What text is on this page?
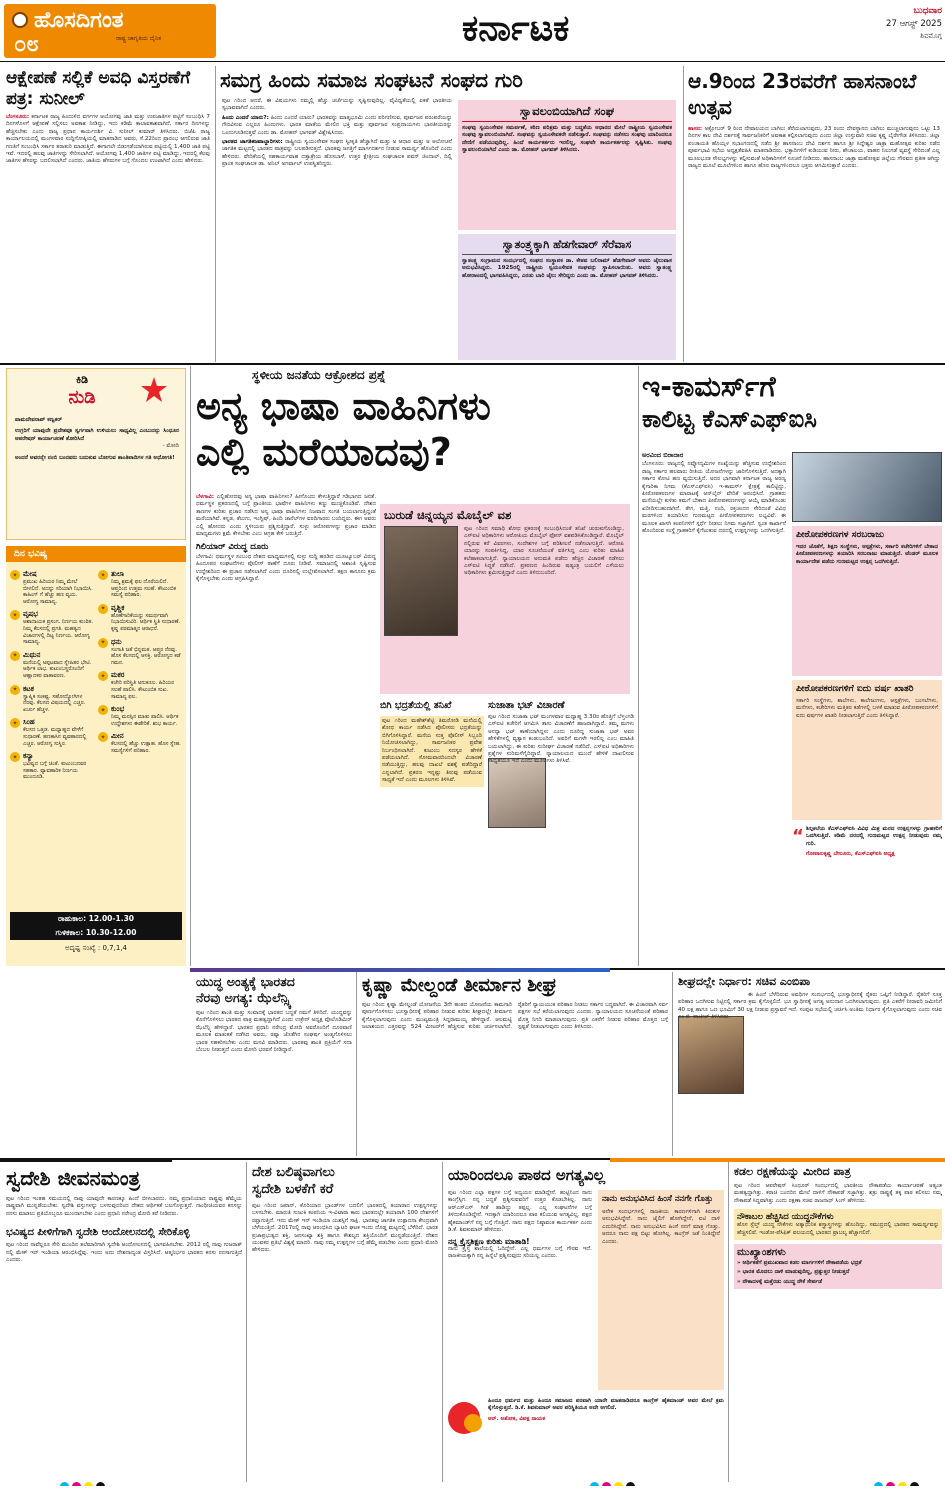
ಹೊಸದಿಗಂತ
ರಾಷ್ಟ್ರ ಜಾಗೃತಿಯ ದೈನಿಕ
೦೮	ಕರ್ನಾಟಕ	ಬುಧವಾರ
27 ಆಗಸ್ಟ್ 2025
ಶಿವಮೊಗ್ಗ
ಆಕ್ಷೇಪಣೆ ಸಲ್ಲಿಕೆ ಅವಧಿ ವಿಸ್ತರಣೆಗೆ ಪತ್ರ: ಸುನೀಲ್
ಬೆಂಗಳೂರು: ಕರ್ನಾಟಕ ರಾಜ್ಯ ಹಿಂದುಳಿದ ವರ್ಗಗಳ ಆಯೋಗವು ಜಾತಿ ಮತ್ತು ಉಪಜಾತಿಗಳ ಪಟ್ಟಿಗೆ ಸಂಬಂಧಿಸಿ 7 ದಿನಗಳೊಳಗೆ ಆಕ್ಷೇಪಣೆ ಸಲ್ಲಿಸಲು ಅವಕಾಶ ನೀಡಿದ್ದು, ಇದು ಕಡಿಮೆ ಕಾಲಾವಕಾಶವಾಗಿದೆ, ಸರ್ಕಾರ ದಿನಗಳನ್ನು ಹೆಚ್ಚಿಸಬೇಕು ಎಂದು ರಾಜ್ಯ ಪ್ರಧಾನ ಕಾರ್ಯದರ್ಶಿ ವಿ. ಸುನೀಲ್ ಕುಮಾರ್ ತಿಳಿಸಿದರು. ಬಿಜೆಪಿ ರಾಜ್ಯ ಕಾರ್ಯಾಲಯದಲ್ಲಿ ಮಂಗಳವಾರ ಸುದ್ದಿಗೋಷ್ಠಿಯಲ್ಲಿ ಮಾತನಾಡಿದ ಅವರು, ಸೆ.22ರಿಂದ ಪ್ರಾರಂಭ ಆಗಲಿರುವ ಜಾತಿ ಗಣತಿಗೆ ಸಂಬಂಧಿಸಿ ಸರ್ಕಾರ ತರಾತುರಿ ಮಾಡುತ್ತಿದೆ. ಈಗಾಗಲೇ ಬಿಡುಗಡೆಯಾಗಿರುವ ಪಟ್ಟಿಯಲ್ಲಿ 1,400 ಜಾತಿ ಪಟ್ಟಿ ಇವೆ. ಇದರಲ್ಲಿ ಹಲವು ಜಾತಿಗಳನ್ನು ಸೇರಿಸಲಾಗಿದೆ. ಆಯೋಗವು 1,400 ಜಾತಿಗಳ ಪಟ್ಟಿ ಮಾಡಿದ್ದು, ಇದರಲ್ಲಿ ಕೆಲವು ಜಾತಿಗಳ ಹೆಸರನ್ನು ಬದಲಿಸಲಾಗಿದೆ ಎಂದರು. ಜಾತಿಯ ಹೆಸರುಗಳ ಬಗ್ಗೆ ಗೊಂದಲ ಉಂಟಾಗಿದೆ ಎಂದು ಹೇಳಿದರು.
ಸಮಗ್ರ ಹಿಂದು ಸಮಾಜ ಸಂಘಟನೆ ಸಂಘದ ಗುರಿ

ಪುಟ ೧ರಿಂದ ಆದರೆ, ಈ ವಿಷಯಗಳು ನಮ್ಮಲ್ಲಿ ಹೆಚ್ಚು ಚರ್ಚೆಯನ್ನು ಸೃಷ್ಟಿಸುವುದಿಲ್ಲ. ವೈವಿಧ್ಯತೆಯಲ್ಲಿ ಏಕತೆ ಭಾರತೀಯ ಸ್ವಭಾವವಾಗಿದೆ ಎಂದರು.

ಹಿಂದು ಎಂದರೆ ಯಾರು?: ಹಿಂದು ಎಂದರೆ ಯಾರು? ಭಾರತವನ್ನು ಮಾತೃಭೂಮಿ ಎಂದು ಪರಿಗಣಿಸುವ, ಪೂರ್ವಜರ ಪರಂಪರೆಯನ್ನು ಗೌರವಿಸುವ ಎಲ್ಲರೂ ಹಿಂದುಗಳು. ಭಾರತ ಮಾತೆಯ ಮೇಲಿನ ಭಕ್ತಿ ಮತ್ತು ಪೂರ್ವಜರ ಸಂಪ್ರದಾಯಗಳು ಭಾರತೀಯರನ್ನು ಒಂದುಗೂಡಿಸುತ್ತವೆ ಎಂದು ಡಾ. ಮೋಹನ್ ಭಾಗವತ್ ವಿಶ್ಲೇಷಿಸಿದರು.

ಭಾರತದ ಜಾಗತಿಕಜವಾಬ್ದಾರಿಗಳು: ರಾಷ್ಟ್ರೀಯ ಸ್ವಯಂಸೇವಕ ಸಂಘದ ಸ್ವೀಕೃತಿ ಹೆಚ್ಚಾಗಿದೆ ಮತ್ತು ಅ ಆಧಾರ ಮತ್ತು ಅ ಆಲೋಚನೆ ಜಾಗತಿಕ ಮಟ್ಟದಲ್ಲಿ ಭಾರತದ ಪಾತ್ರವನ್ನು ಬಲಪಡಿಸುತ್ತದೆ. ಭಾರತವು ಜಗತ್ತಿಗೆ ಮಾರ್ಗದರ್ಶನ ನೀಡುವ ಸಾಮರ್ಥ್ಯ ಹೊಂದಿದೆ ಎಂದು ಹೇಳಿದರು. ವೇದಿಕೆಯಲ್ಲಿ ಸಹಕಾರ್ಯವಾಹ ದತ್ತಾತ್ರೇಯ ಹೊಸಬಾಳೆ, ಉತ್ತರ ಕ್ಷೇತ್ರೀಯ ಸಂಘಚಾಲಕ ಪವನ್ ಜಿಂದಾಲ್, ದಿಲ್ಲಿ ಪ್ರಾಂತ ಸಂಘಚಾಲಕ ಡಾ. ಅನಿಲ್ ಅಗರ್ವಾಲ್ ಉಪಸ್ಥಿತರಿದ್ದರು.

ಸ್ವಾವಲಂಬಿಯಾಗಿದೆ ಸಂಘ
ಸಂಘವು ಸ್ವಯಂಸೇವಕ ಸಮರ್ಪಣೆ, ಕಠಿಣ ಪರಿಶ್ರಮ ಮತ್ತು ಬದ್ಧತೆಯ ಆಧಾರದ ಮೇಲೆ ರಾಷ್ಟ್ರೀಯ ಸ್ವಯಂಸೇವಕ ಸಂಘವು ಸ್ವಾವಲಂಬಿಯಾಗಿದೆ. ಸಂಘವನ್ನು ಸ್ವಯಂಸೇವಕರೇ ನಡೆಸುತ್ತಾರೆ. ಸಂಘವನ್ನು ನಡೆಸಲು ಸಂಘವು ಯಾರಿಂದಲೂ ದೇಣಿಗೆ ಪಡೆಯುವುದಿಲ್ಲ. ಹಿಂದೆ ಕಾರ್ಯಕರ್ತರು ಇರಲಿಲ್ಲ, ಸಂಘವೇ ಕಾರ್ಯಕರ್ತರನ್ನು ಸೃಷ್ಟಿಸಿತು. ಸಂಘವು ಸ್ವಾವಲಂಬಿಯಾಗಿದೆ ಎಂದು ಡಾ. ಮೋಹನ್ ಭಾಗವತ್ ತಿಳಿಸಿದರು.
ಸ್ವಾತಂತ್ರ್ಯಕ್ಕಾಗಿ ಹೆಡಗೇವಾರ್ ಸೆರೆವಾಸ
ಸ್ವಾತಂತ್ರ್ಯ ಸಂಗ್ರಾಮದ ಸಂದರ್ಭದಲ್ಲಿ ಸಂಘದ ಸಂಸ್ಥಾಪಕ ಡಾ. ಕೇಶವ ಬಲಿರಾಮ್ ಹೆಡಗೇವಾರ್ ಅವರು ಜೈಲುವಾಸ ಅನುಭವಿಸಿದ್ದರು. 1925ರಲ್ಲಿ ರಾಷ್ಟ್ರೀಯ ಸ್ವಯಂಸೇವಕ ಸಂಘವನ್ನು ಸ್ಥಾಪಿಸಲಾಯಿತು. ಅವರು ಸ್ವಾತಂತ್ರ್ಯ ಹೋರಾಟದಲ್ಲಿ ಭಾಗವಹಿಸಿದ್ದರು, ಎರಡು ಬಾರಿ ಜೈಲು ಸೇರಿದ್ದರು ಎಂದು ಡಾ. ಮೋಹನ್ ಭಾಗವತ್ ತಿಳಿಸಿದರು.
ಆ.9ರಿಂದ 23ರವರೆಗೆ ಹಾಸನಾಂಬೆ ಉತ್ಸವ
ಹಾಸನ: ಅಕ್ಟೋಬರ್ 9 ರಿಂದ ದೇವಾಲಯದ ಬಾಗಿಲು ತೆರೆಯಲಾಗುವುದು, 23 ರಂದು ದೇವಸ್ಥಾನದ ಬಾಗಿಲು ಮುಚ್ಚಲಾಗುವುದು ಒಟ್ಟು 13 ದಿನಗಳ ಕಾಲ ದೇವಿ ದರ್ಶನಕ್ಕೆ ಸಾರ್ವಜನಿಕರಿಗೆ ಅವಕಾಶ ಕಲ್ಪಿಸಲಾಗುವುದು ಎಂದು ಜಿಲ್ಲಾ ಉಸ್ತುವಾರಿ ಸಚಿವ ಕೃಷ್ಣ ಬೈರೇಗೌಡ ತಿಳಿಸಿದರು. ಜಿಲ್ಲಾ ಪಂಚಾಯತಿ ಹೊಯ್ಸಳ ಸಭಾಂಗಣದಲ್ಲಿ ನಡೆದ ಶ್ರೀ ಹಾಸನಾಂಬ ದೇವಿ ದರ್ಶನ ಹಾಗೂ ಶ್ರೀ ಸಿದ್ದೇಶ್ವರ ಜಾತ್ರಾ ಮಹೋತ್ಸವ ಕುರಿತು ನಡೆದ ಪೂರ್ವಭಾವಿ ಸಭೆಯ ಅಧ್ಯಕ್ಷತೆವಹಿಸಿ ಮಾತನಾಡಿದರು. ಭಕ್ತಾದಿಗಳಿಗೆ ಕುಡಿಯುವ ನೀರು, ಶೌಚಾಲಯ, ವಾಹನ ನಿಲುಗಡೆ ವ್ಯವಸ್ಥೆ ಸೇರಿದಂತೆ ಎಲ್ಲ ಮೂಲಭೂತ ಸೌಲಭ್ಯಗಳನ್ನು ಕಲ್ಪಿಸುವಂತೆ ಅಧಿಕಾರಿಗಳಿಗೆ ಸೂಚನೆ ನೀಡಿದರು. ಹಾಸನಾಂಬ ಜಾತ್ರಾ ಮಹೋತ್ಸವ ಜಿಲ್ಲೆಯ ಗೌರವದ ಪ್ರತೀಕ ಆಗಿದ್ದು ರಾಜ್ಯದ ಮೂಲೆ ಮೂಲೆಗಳಿಂದ ಹಾಗೂ ಹೊರ ರಾಜ್ಯಗಳಿಂದಲೂ ಭಕ್ತರು ಆಗಮಿಸುತ್ತಾರೆ ಎಂದರು.
ಕಿಡಿ
ನುಡಿ
ವಾಮದೇವರಾವ್ ಕಣ್ವಕರ್
ಉಗ್ರರಿಗೆ ಯಾವುದೇ ಪ್ರದೇಶವೂ ಸ್ವರ್ಗವಾಗಿ ಉಳಿಯಲು ಸಾಧ್ಯವಿಲ್ಲ ಎಂಬುದನ್ನು ಸಿಂಧೂರ ಆಪರೇಷನ್ ಕಾರ್ಯಾಚರಣೆ ತೋರಿಸಿದೆ
- ಮೋದಿ
ಅಂದರೆ ಅವರನ್ನೇ ನಂಬಿ ಬಂದವರು ಬದುಕುವ ಬೋಗುವ ಶಾಂತಿಪಾದಿಗಳ ಗತಿ ಅಧೋಗತಿ!
ದಿನ ಭವಿಷ್ಯ
✦ ಮೇಷ
ಪ್ರಮುಖ ಹಿರಿಯರ ನಿಮ್ಮ ಮೇಲೆ ಬೀಳಲಿದೆ. ಅದನ್ನು ಸರಿಯಾಗಿ ನಿಭಾಯಿಸಿ. ಕಾಹಿಂಗ್ ಗೆ ಹೆಚ್ಚು ಹಣ ವ್ಯಯ. ಆರೋಗ್ಯ ಸಾಮಾನ್ಯ.
✦ ವೃಷಭ
ಆಶಾದಾಯಕ ಪ್ರಸಂಗ. ನಿರ್ಣಯ ಕುಂಠಿತ. ನಿಮ್ಮ ಕೆಲಸದಲ್ಲಿ ಪ್ರಗತಿ. ಮಹತ್ವದ ವಿಚಾರಗಳಲ್ಲಿ ದಿಟ್ಟ ನಿರ್ಣಯ. ಆರೋಗ್ಯ ಸಾಮಾನ್ಯ.
✦ ಮಿಥುನ
ಮನೆಯಲ್ಲಿ ಅಪ್ಪಟವಾದ ಸ್ನೇಹಿತರ ಭೇಟಿ. ಆರ್ಥಿಕ ಲಾಭ. ಕುಟುಂಬಸ್ಥರೊಂದಿಗೆ ಆಹ್ಲಾದಕರ ವಾತಾವರಣ.
✦ ಕಟಕ
ಸ್ವಾಪ್ನಿಕ ಸಂಕಷ್ಟ. ಸಹೋದ್ಯೋಗಿಗಳ ನೆರವು. ಕೆಲಸದ ವಿಷಯದಲ್ಲಿ ಎಚ್ಚರ. ಖರ್ಚು ಹೆಚ್ಚಳ.
✦ ಸಿಂಹ
ಕೆಲಸದ ಒತ್ತಡ. ಮಧ್ಯಾಹ್ನದ ವೇಳೆಗೆ ಸುಧಾರಣೆ. ಹಣಕಾಸಿನ ವ್ಯವಹಾರದಲ್ಲಿ ಎಚ್ಚರ. ಆರೋಗ್ಯ ಸುಸ್ಥಿರ.
✦ ಕನ್ಯಾ
ಭವಿಷ್ಯದ ಬಗ್ಗೆ ಚಿಂತೆ. ಕುಟುಂಬದವರ ಸಹಕಾರ. ವ್ಯಾವಹಾರಿಕ ನಿರ್ಣಯ ಮುಂದೂಡಿ.
✦ ತುಲಾ
ನಿಮ್ಮ ಶ್ರಮಕ್ಕೆ ಫಲ ದೊರೆಯಲಿದೆ. ಆಪ್ತರಿಂದ ಉತ್ತಮ ಸಲಹೆ. ಕೌಟುಂಬಿಕ ಸಮಸ್ಯೆ ಪರಿಹಾರ.
✦ ವೃಶ್ಚಿಕ
ಹೊಣೆಗಾರಿಕೆಯನ್ನು ಸಮರ್ಥವಾಗಿ ನಿಭಾಯಿಸುವಿರಿ. ಆರ್ಥಿಕ ಸ್ಥಿತಿ ಸುಧಾರಣೆ. ಕೃಷ್ಣ ಪರಮಾತ್ಮನ ಆರಾಧನೆ.
✦ ಧನು
ಸಂಗಾತಿ ಜತೆ ಭಿನ್ನಮತ. ಆಪ್ತರ ನೆರವು. ಹೊಸ ಕೆಲಸದಲ್ಲಿ ಆಸಕ್ತಿ. ಆರೋಗ್ಯದ ಕಡೆ ಗಮನ.
✦ ಮಕರ
ಕಚೇರಿ ಪರಿಸ್ಥಿತಿ ಅನುಕೂಲ. ಹಿರಿಯರ ಸಲಹೆ ಪಾಲಿಸಿ. ಕೌಟುಂಬಿಕ ಸುಖ. ಸಾಮಾನ್ಯ ಫಲ.
✦ ಕುಂಭ
ನಿಮ್ಮ ಮನಸ್ಸಿನ ಮಾತು ಪಾಲಿಸಿ. ಆರ್ಥಿಕ ಉದ್ದೇಶಗಳು ಈಡೇರಿಕೆ. ಶುಭ ಕಾರ್ಯ.
✦ ಮೀನ
ಕೆಲಸದಲ್ಲಿ ಹೆಚ್ಚು ಉತ್ಸಾಹ. ಹೊಸ ಸ್ನೇಹ. ಸಮಸ್ಯೆಗಳಿಗೆ ಪರಿಹಾರ.
ರಾಹುಕಾಲ: 12.00-1.30
ಗುಳಿಕಕಾಲ: 10.30-12.00
ಅದೃಷ್ಟ ಸಂಖ್ಯೆ : 0,7,1,4
ಸ್ಥಳೀಯ ಜನತೆಯ ಆಕ್ರೋಶದ ಪ್ರಶ್ನೆ
ಅನ್ಯ ಭಾಷಾ ವಾಹಿನಿಗಳು
ಎಲ್ಲಿ ಮರೆಯಾದವು?

ಬೆಳಗಾವಿ: ಎಲ್ಲಿಹೋದವು ಅನ್ಯ ಭಾಷಾ ವಾಹಿನಿಗಳು? ಹೀಗೊಂದು ಕೇಳುತ್ತಿದ್ದಾರೆ ಗಡಿಭಾಗದ ಜನತೆ. ಧರ್ಮಸ್ಥಳ ಪ್ರಕರಣದಲ್ಲಿ ಬಗ್ಗೆ ಪ್ರಾಂತೀಯ ಭಾಷೆಗಳ ವಾಹಿನಿಗಳು ಕಣ್ಣು ಮುಚ್ಚಿಕೊಂಡಿವೆ. ದೇಶದ ತಾಣಗಳ ಕುರಿತು ಪ್ರಚಾರ ನಡೆಸಿದ ಅನ್ಯ ಭಾಷಾ ವಾಹಿನಿಗಳು ನಿಜವಾದ ಸಂಗತಿ ಬಯಲಾಗುತ್ತಿದ್ದಂತೆ ಮರೆಯಾಗಿವೆ. ಕನ್ನಡ, ತೆಲುಗು, ಇಂಗ್ಲಿಷ್, ಹಿಂದಿ ಚಾನೆಲ್‌ಗಳ ವರದಿಗಾರರು ಬಂದಿದ್ದರು. ಈಗ ಅವರು ಎಲ್ಲಿ ಹೋದರು ಎಂದು ಸ್ಥಳೀಯರು ಪ್ರಶ್ನಿಸುತ್ತಿದ್ದಾರೆ. ಸುಳ್ಳು ಆರೋಪಗಳನ್ನು ಪ್ರಚಾರ ಮಾಡಿದ ಮಾಧ್ಯಮಗಳು ಕ್ಷಮೆ ಕೇಳಬೇಕು ಎಂಬ ಆಗ್ರಹ ಕೇಳಿ ಬರುತ್ತಿದೆ.

ಗಿಲಿಯಾರ್ ವಿರುದ್ಧ ದೂರು

ಬೆಳಗಾವಿ: ಧರ್ಮಸ್ಥಳ ಸಂಬಂಧ ದೇಶದ ಮಾಧ್ಯಮಗಳಲ್ಲಿ ಸುಳ್ಳು ಸುದ್ದಿ ಹರಡಿದ ಯೂಟ್ಯೂಬರ್ ವಿರುದ್ಧ ಹಿಂದೂಪರ ಸಂಘಟನೆಗಳು ಪೊಲೀಸ್ ಠಾಣೆಗೆ ದೂರು ನೀಡಿವೆ. ಸಮಾಜದಲ್ಲಿ ಅಶಾಂತಿ ಸೃಷ್ಟಿಸುವ ಉದ್ದೇಶದಿಂದ ಈ ಪ್ರಚಾರ ನಡೆಸಲಾಗಿದೆ ಎಂದು ದೂರಿನಲ್ಲಿ ಉಲ್ಲೇಖಿಸಲಾಗಿದೆ. ತಕ್ಷಣ ಕಾನೂನು ಕ್ರಮ ಕೈಗೊಳ್ಳಬೇಕು ಎಂದು ಆಗ್ರಹಿಸಿದ್ದಾರೆ.

ಬುರುಡೆ ಚಿನ್ನಯ್ಯನ ಮೊಬೈಲ್ ವಶ
ಪುಟ ೧ರಿಂದ ಸಮಾಧಿ ಶೋಧ ಪ್ರಕರಣಕ್ಕೆ ಸಂಬಂಧಿಸಿದಂತೆ ತನಿಖೆ ಚುರುಕುಗೊಂಡಿದ್ದು, ಎಸ್‌ಐಟಿ ಅಧಿಕಾರಿಗಳು ಆರೋಪಿಯ ಮೊಬೈಲ್ ಫೋನ್ ವಶಪಡಿಸಿಕೊಂಡಿದ್ದಾರೆ. ಮೊಬೈಲ್ ನಲ್ಲಿರುವ ಕರೆ ವಿವರಗಳು, ಸಂದೇಶಗಳ ಬಗ್ಗೆ ಪರಿಶೀಲನೆ ನಡೆಸಲಾಗುತ್ತಿದೆ. ಆರೋಪಿ ಯಾರನ್ನು ಸಂಪರ್ಕಿಸಿದ್ದ, ಯಾರ ಸೂಚನೆಯಂತೆ ವರ್ತಿಸಿದ್ದ ಎಂಬ ಕುರಿತು ಮಾಹಿತಿ ಕಲೆಹಾಕಲಾಗುತ್ತಿದೆ. ನ್ಯಾಯಾಲಯದ ಅನುಮತಿ ಪಡೆದು ಹೆಚ್ಚಿನ ವಿಚಾರಣೆ ನಡೆಸಲು ಎಸ್‌ಐಟಿ ಸಿದ್ಧತೆ ನಡೆಸಿದೆ. ಪ್ರಕರಣದ ಹಿಂದಿರುವ ಷಡ್ಯಂತ್ರ ಬಯಲಿಗೆ ಎಳೆಯಲು ಅಧಿಕಾರಿಗಳು ಶ್ರಮಿಸುತ್ತಿದ್ದಾರೆ ಎಂದು ತಿಳಿದುಬಂದಿದೆ.
ಬಿಗಿ ಭದ್ರತೆಯಲ್ಲಿ ತನಿಖೆ
ಪುಟ ೧ರಿಂದ ಮಹೇಶ್‌ಶೆಟ್ಟಿ ತಿಮರೋಡಿ ಮನೆಯಲ್ಲಿ ಶೋಧ ಕಾರ್ಯ ನಡೆಸಿದ ಪೊಲೀಸರು ಭದ್ರತೆಯನ್ನು ಬಿಗಿಗೊಳಿಸಿದ್ದಾರೆ. ಮನೆಯ ಸುತ್ತ ಪೊಲೀಸ್ ಸಿಬ್ಬಂದಿ ನಿಯೋಜಿಸಲಾಗಿದ್ದು, ಸಾರ್ವಜನಿಕರ ಪ್ರವೇಶ ನಿರ್ಬಂಧಿಸಲಾಗಿದೆ. ಕುಟುಂಬ ಸದಸ್ಯರ ಹೇಳಿಕೆ ಪಡೆಯಲಾಗಿದೆ. ಸೋಮವಾರದಿಂದಲೇ ವಿಚಾರಣೆ ನಡೆಯುತ್ತಿದ್ದು, ಹಲವು ದಾಖಲೆ ವಶಕ್ಕೆ ಪಡೆದಿದ್ದಾರೆ ಎನ್ನಲಾಗಿದೆ. ಪ್ರಕರಣ ಇನ್ನಷ್ಟು ತಿರುವು ಪಡೆಯುವ ಸಾಧ್ಯತೆ ಇದೆ ಎಂದು ಮೂಲಗಳು ತಿಳಿಸಿವೆ.
ಸುಜಾತಾ ಭಟ್ ವಿಚಾರಣೆ
ಪುಟ ೧ರಿಂದ ಸುಜಾತಾ ಭಟ್ ಮಂಗಳವಾರ ಮಧ್ಯಾಹ್ನ 3.30ರ ಹೊತ್ತಿಗೆ ಬೆಳ್ತಂಗಡಿ ಎಸ್‌ಐಟಿ ಕಚೇರಿಗೆ ಆಗಮಿಸಿ ತಾಸು ವಿಚಾರಣೆಗೆ ಹಾಜರಾಗಿದ್ದಾರೆ. ತಮ್ಮ ಮಗಳು ಅನನ್ಯಾ ಭಟ್ ಕಾಣೆಯಾಗಿದ್ದಳು ಎಂದು ದೂರಿದ್ದ ಸುಜಾತಾ ಭಟ್ ಅವರ ಹೇಳಿಕೆಗಳಲ್ಲಿ ವ್ಯತ್ಯಾಸ ಕಂಡುಬಂದಿದೆ. ಅವರಿಗೆ ಮಗಳೇ ಇರಲಿಲ್ಲ ಎಂಬ ಮಾಹಿತಿ ಬಯಲಾಗಿದ್ದು, ಈ ಕುರಿತು ಸುದೀರ್ಘ ವಿಚಾರಣೆ ನಡೆದಿದೆ. ಎಸ್‌ಐಟಿ ಅಧಿಕಾರಿಗಳು ಪ್ರಶ್ನೆಗಳ ಸುರಿಮಳೆಗೈದಿದ್ದಾರೆ. ನ್ಯಾಯಾಲಯದ ಮುಂದೆ ಹೇಳಿಕೆ ದಾಖಲಿಸುವ ಸಾಧ್ಯತೆಯೂ ಇದೆ ಎಂದು ಮೂಲಗಳು ತಿಳಿಸಿವೆ.
ಇ-ಕಾಮರ್ಸ್‌ಗೆ
ಕಾಲಿಟ್ಟ ಕೆಎಸ್‌ಎಫ್‌ಐಸಿ
ಅರವಿಂದ ಬಿರಾದಾರ
ಬೆಂಗಳೂರು: ರಾಜ್ಯದಲ್ಲಿ ನವ್ಯೋದ್ಯಮಿಗಳ ಸಂಖ್ಯೆಯನ್ನು ಹೆಚ್ಚಿಸುವ ಉದ್ದೇಶದಿಂದ ರಾಜ್ಯ ಸರ್ಕಾರ ಹಲವಾರು ರೀತಿಯ ಯೋಜನೆಗಳನ್ನು ಜಾರಿಗೊಳಿಸುತ್ತಿದೆ. ಅದಕ್ಕಾಗಿ ಸರ್ಕಾರ ಕೋಟಿ ಹಣ ವ್ಯಯಿಸುತ್ತಿದೆ. ಅದರ ಭಾಗವಾಗಿ ಕರ್ನಾಟಕ ರಾಜ್ಯ ಅರಣ್ಯ ಕೈಗಾರಿಕಾ ನಿಗಮ (ಕೆಎಸ್‌ಎಫ್‌ಐಸಿ) ಇ-ಕಾಮರ್ಸ್ ಕ್ಷೇತ್ರಕ್ಕೆ ಕಾಲಿಟ್ಟಿದ್ದು, ಪೀಠೋಪಕರಣಗಳ ಮಾರಾಟಕ್ಕೆ ಆನ್‌ಲೈನ್ ವೇದಿಕೆ ಆರಂಭಿಸಿದೆ. ಗ್ರಾಹಕರು ಮನೆಯಲ್ಲೇ ಕುಳಿತು ತಮಗೆ ಬೇಕಾದ ಪೀಠೋಪಕರಣಗಳನ್ನು ಆಯ್ಕೆ ಮಾಡಿಕೊಂಡು ಖರೀದಿಸಬಹುದಾಗಿದೆ. ತೇಗ, ಮತ್ತಿ, ನಂದಿ, ರಕ್ತಚಂದನ ಸೇರಿದಂತೆ ವಿವಿಧ ಮರಗಳಿಂದ ತಯಾರಿಸಿದ ಗುಣಮಟ್ಟದ ಪೀಠೋಪಕರಣಗಳು ಲಭ್ಯವಿವೆ. ಈ ಮೂಲಕ ಖಾಸಗಿ ಕಂಪನಿಗಳಿಗೆ ಸ್ಪರ್ಧೆ ನೀಡಲು ನಿಗಮ ಸಜ್ಜಾಗಿದೆ. ಸ್ವಂತ ಕಾರ್ಖಾನೆ ಹೊಂದಿರುವ ಸಂಸ್ಥೆ ಗ್ರಾಹಕರಿಗೆ ಕೈಗೆಟುಕುವ ದರದಲ್ಲಿ ಉತ್ಪನ್ನಗಳನ್ನು ಒದಗಿಸುತ್ತಿದೆ. ಪೀಠೋಪಕರಣಗಳ ಸರಬರಾಜು
ಇದರ ಜೊತೆಗೆ, ಶಿಕ್ಷಣ ಸಂಸ್ಥೆಗಳು, ಆಸ್ಪತ್ರೆಗಳು, ಸರ್ಕಾರಿ ಕಚೇರಿಗಳಿಗೆ ಬೇಕಾದ ಪೀಠೋಪಕರಣಗಳನ್ನು ತಯಾರಿಸಿ ಸರಬರಾಜು ಮಾಡುತ್ತಿದೆ. ಟೆಂಡರ್ ಮೂಲಕ ಕಾರ್ಯಾದೇಶ ಪಡೆದು ಗುಣಮಟ್ಟದ ಉತ್ಪನ್ನ ಒದಗಿಸುತ್ತಿದೆ.
ಪೀಠೋಪಕರಣಗಳಿಗೆ ಐದು ವರ್ಷ ಖಾತರಿ
ಸರ್ಕಾರಿ ಸಂಸ್ಥೆಗಳು, ಶಾಲೆಗಳು, ಕಾಲೇಜುಗಳು, ಆಸ್ಪತ್ರೆಗಳು, ಬಂಗಲೆಗಳು, ಮನೆಗಳು, ಕಚೇರಿಗಳು ಮತ್ತಿತರ ಕಡೆಗಳಲ್ಲಿ ಬಳಕೆ ಮಾಡುವ ಪೀಠೋಪಕರಣಗಳಿಗೆ ಐದು ವರ್ಷಗಳ ಖಾತರಿ ನೀಡಲಾಗುತ್ತಿದೆ ಎಂದು ತಿಳಿಸಿದ್ದಾರೆ.
“ ಶಿಲ್ಪಕಲೆಯ ಕೆಎಸ್‌ಎಫ್‌ಐಸಿ ವಿವಿಧ ಮಿಶ್ರ ಮರದ ಉತ್ಪನ್ನಗಳನ್ನು ಗ್ರಾಹಕರಿಗೆ ಒದಗಿಸುತ್ತಿದೆ. ಕಡಿಮೆ ದರದಲ್ಲಿ ಗುಣಮಟ್ಟದ ಉತ್ಪನ್ನ ನೀಡುವುದು ನಮ್ಮ ಗುರಿ.
ಗೋಪಾಲಕೃಷ್ಣ ಬೇಲೂರು, ಕೆಎಸ್‌ಎಫ್‌ಐಸಿ ಅಧ್ಯಕ್ಷ
ಯುದ್ಧ ಅಂತ್ಯಕ್ಕೆ ಭಾರತದ
ನೆರವು ಅಗತ್ಯ: ಝೆಲೆನ್ಸ್ಕಿ
ಪುಟ ೧ರಿಂದ ಶಾಂತಿ ಮತ್ತು ಸಂವಾದಕ್ಕೆ ಭಾರತದ ಬದ್ಧತೆ ನಮಗೆ ತಿಳಿದಿದೆ. ಯುದ್ಧವನ್ನು ಕೊನೆಗೊಳಿಸಲು ಭಾರತದ ಪಾತ್ರ ಮಹತ್ವದ್ದಾಗಿದೆ ಎಂದು ಉಕ್ರೇನ್ ಅಧ್ಯಕ್ಷ ವೊಲೊಡಿಮಿರ್ ಝೆಲೆನ್ಸ್ಕಿ ಹೇಳಿದ್ದಾರೆ. ಭಾರತದ ಪ್ರಧಾನಿ ನರೇಂದ್ರ ಮೋದಿ ಅವರೊಂದಿಗೆ ದೂರವಾಣಿ ಮೂಲಕ ಮಾತುಕತೆ ನಡೆಸಿದ ಅವರು, ರಷ್ಯಾ ಜೊತೆಗಿನ ಸಂಘರ್ಷ ಅಂತ್ಯಗೊಳಿಸಲು ಭಾರತ ಸಹಕರಿಸಬೇಕು ಎಂದು ಮನವಿ ಮಾಡಿದರು. ಭಾರತವು ಶಾಂತಿ ಪ್ರಕ್ರಿಯೆಗೆ ಸದಾ ಬೆಂಬಲ ನೀಡುತ್ತದೆ ಎಂದು ಮೋದಿ ಭರವಸೆ ನೀಡಿದ್ದಾರೆ.
ಕೃಷ್ಣಾ ಮೇಲ್ದಂಡೆ ತೀರ್ಮಾನ ಶೀಘ್ರ
ಪುಟ ೧ರಿಂದ ಕೃಷ್ಣಾ ಮೇಲ್ದಂಡೆ ಯೋಜನೆಯ 3ನೇ ಹಂತದ ಯೋಜನೆಯ ಕಾಮಗಾರಿ ಪೂರ್ಣಗೊಳಿಸಲು ಭೂಸ್ವಾಧೀನಕ್ಕೆ ಪರಿಹಾರ ನೀಡುವ ಕುರಿತು ಶೀಘ್ರದಲ್ಲೇ ತೀರ್ಮಾನ ಕೈಗೊಳ್ಳಲಾಗುವುದು ಎಂದು ಮುಖ್ಯಮಂತ್ರಿ ಸಿದ್ದರಾಮಯ್ಯ ಹೇಳಿದ್ದಾರೆ. ಆಲಮಟ್ಟಿ ಜಲಾಶಯದ ಎತ್ತರವನ್ನು 524 ಮೀಟರ್‌ಗೆ ಹೆಚ್ಚಿಸುವ ಕುರಿತು ಚರ್ಚಿಸಲಾಗಿದೆ. ರೈತರಿಗೆ ನ್ಯಾಯಯುತ ಪರಿಹಾರ ನೀಡಲು ಸರ್ಕಾರ ಬದ್ಧವಾಗಿದೆ. ಈ ವಿಚಾರವಾಗಿ ಸರ್ವ ಪಕ್ಷಗಳ ಸಭೆ ಕರೆಯಲಾಗುವುದು ಎಂದರು. ನ್ಯಾಯಾಲಯದ ಸೂಚನೆಯಂತೆ ಪರಿಹಾರ ಮೊತ್ತ ನಿಗದಿ ಮಾಡಲಾಗುವುದು. ಪ್ರತಿ ಎಕರೆಗೆ ನೀಡುವ ಪರಿಹಾರ ಮೊತ್ತದ ಬಗ್ಗೆ ಸ್ಪಷ್ಟತೆ ನೀಡಲಾಗುವುದು ಎಂದು ತಿಳಿಸಿದರು.
ಶೀಘ್ರದಲ್ಲೇ ನಿರ್ಧಾರ: ಸಚಿವ ಎಂಬಿಪಾ
ಈ ಹಿಂದೆ ಬೆಳೆದಿರುವ ಅವಧಿಗಳ ಸಂದರ್ಭದಲ್ಲಿ ಭೂಸ್ವಾಧೀನಕ್ಕೆ ರೈತರು ಒಪ್ಪಿಗೆ ನೀಡಿದ್ದಾರೆ. ರೈತರಿಗೆ ಸೂಕ್ತ ಪರಿಹಾರ ಒದಗಿಸುವ ನಿಟ್ಟಿನಲ್ಲಿ ಸರ್ಕಾರ ಕ್ರಮ ಕೈಗೊಳ್ಳಲಿದೆ. ಭೂ ಸ್ವಾಧೀನಕ್ಕೆ ಅಗತ್ಯ ಅನುದಾನ ಒದಗಿಸಲಾಗುವುದು. ಪ್ರತಿ ಎಕರೆಗೆ ನೀರಾವರಿ ಜಮೀನಿಗೆ 40 ಲಕ್ಷ ಹಾಗೂ ಒಣ ಭೂಮಿಗೆ 30 ಲಕ್ಷ ನೀಡುವ ಪ್ರಸ್ತಾವನೆ ಇದೆ. ಸಂಪುಟ ಸಭೆಯಲ್ಲಿ ಚರ್ಚಿಸಿ ಅಂತಿಮ ನಿರ್ಧಾರ ಕೈಗೊಳ್ಳಲಾಗುವುದು ಎಂದು ಸಚಿವ ಎಂ.ಬಿ. ಪಾಟೀಲ್ ತಿಳಿಸಿದರು.
ಸ್ವದೇಶಿ ಜೀವನಮಂತ್ರ
ಪುಟ ೧ರಿಂದ ಇಂತಹ ಸಮಯದಲ್ಲಿ ನಾವು ಯಾವುದೇ ಕಾರಣಕ್ಕೂ ಹಿಂದೆ ಬೀಳಬಾರದು. ನಮ್ಮ ಪ್ರಧಾನಿಯಾದ ರಾಷ್ಟ್ರವು ಹೆಮ್ಮೆಯ ರಾಷ್ಟ್ರವಾಗಿ ಮುನ್ನಡೆಯಬೇಕು. ಸ್ವದೇಶಿ ವಸ್ತುಗಳನ್ನು ಬಳಸುವುದರಿಂದ ದೇಶದ ಆರ್ಥಿಕತೆ ಬಲಗೊಳ್ಳುತ್ತದೆ. ಗಾಂಧೀಜಿಯವರ ಕನಸನ್ನು ನನಸು ಮಾಡಲು ಪ್ರತಿಯೊಬ್ಬರೂ ಮುಂದಾಗಬೇಕು ಎಂದು ಪ್ರಧಾನಿ ನರೇಂದ್ರ ಮೋದಿ ಕರೆ ನೀಡಿದರು.
ಭವಿಷ್ಯದ ಪೀಳಿಗೆಗಾಗಿ ಸ್ವದೇಶಿ ಆಂದೋಲನದಲ್ಲಿ ಸೇರಿಕೊಳ್ಳಿ
ಪುಟ ೧ರಿಂದ ನಾವೆಲ್ಲರೂ ಸೇರಿ ಮುಂದಿನ ತಲೆಮಾರಿಗಾಗಿ ಸ್ವದೇಶಿ ಆಂದೋಲನದಲ್ಲಿ ಭಾಗವಹಿಸಬೇಕು. 2012 ರಲ್ಲಿ ನಾವು ಗುಜರಾತ್ ನಲ್ಲಿ ಮೇಕ್ ಇನ್ ಇಂಡಿಯಾ ಆರಂಭಿಸಿದ್ದೆವು. ಇಂದು ಅದು ದೇಶದಾದ್ಯಂತ ವಿಸ್ತರಿಸಿದೆ. ಆತ್ಮನಿರ್ಭರ ಭಾರತದ ಕನಸು ನನಸಾಗುತ್ತಿದೆ ಎಂದರು.
ದೇಶ ಬಲಿಷ್ಠವಾಗಲು
ಸ್ವದೇಶಿ ಬಳಕೆಗೆ ಕರೆ
ಪುಟ ೧ರಿಂದ ಜಪಾನ್, ಕೊರಿಯಾದ ಬ್ರಾಂಡ್‌ಗಳ ಬದಲಿಗೆ ಭಾರತದಲ್ಲಿ ತಯಾರಾದ ಉತ್ಪನ್ನಗಳನ್ನು ಬಳಸಬೇಕು. ಮಾರುತಿ ಸುಜುಕಿ ಕಂಪನಿಯ ಇ-ವಿಟಾರಾ ಕಾರು ಭಾರತದಲ್ಲೇ ತಯಾರಾಗಿ 100 ದೇಶಗಳಿಗೆ ರಫ್ತಾಗುತ್ತಿದೆ. ಇದು ಮೇಕ್ ಇನ್ ಇಂಡಿಯಾ ಯಶಸ್ಸಿಗೆ ಸಾಕ್ಷಿ. ಭಾರತವು ಜಾಗತಿಕ ಉತ್ಪಾದನಾ ಕೇಂದ್ರವಾಗಿ ಬೆಳೆಯುತ್ತಿದೆ. 2017ರಲ್ಲಿ ನಾವು ಆರಂಭಿಸಿದ ಬ್ಯಾಟರಿ ಘಟಕ ಇಂದು ದೊಡ್ಡ ಮಟ್ಟದಲ್ಲಿ ಬೆಳೆದಿದೆ. ಭಾರತ ಪ್ರಜಾಪ್ರಭುತ್ವದ ಶಕ್ತಿ, ಜನಸಂಖ್ಯಾ ಶಕ್ತಿ ಹಾಗೂ ಕೌಶಲ್ಯದ ಶಕ್ತಿಯೊಂದಿಗೆ ಮುನ್ನಡೆಯುತ್ತಿದೆ. ದೇಶದ ಯುವಕರ ಪ್ರತಿಭೆ ವಿಶ್ವಕ್ಕೆ ಮಾದರಿ. ನಾವು ನಮ್ಮ ಉತ್ಪನ್ನಗಳ ಬಗ್ಗೆ ಹೆಮ್ಮೆ ಪಡಬೇಕು ಎಂದು ಪ್ರಧಾನಿ ಮೋದಿ ಹೇಳಿದರು.
ಯಾರಿಂದಲೂ ಪಾಠದ ಅಗತ್ಯವಿಲ್ಲ
ಪುಟ ೧ರಿಂದ ಎಲ್ಲಾ ಪಕ್ಷಗಳ ಬಗ್ಗೆ ಅಧ್ಯಯನ ಮಾಡಿದ್ದೇನೆ. ಹುಟ್ಟಿನಿಂದ ನಾನು ಕಾಂಗ್ರೆಸ್ಸಿಗ. ನನ್ನ ಬದ್ಧತೆ ಪ್ರಶ್ನಿಸುವವರಿಗೆ ಉತ್ತರ ಕೊಡಬೇಕಿಲ್ಲ. ನಾನು ಆರ್‌ಎಸ್‌ಎಸ್ ಗೀತೆ ಹಾಡಿದ್ದು ತಪ್ಪಲ್ಲ. ಎಲ್ಲ ಸಂಘಟನೆಗಳ ಬಗ್ಗೆ ತಿಳಿದುಕೊಂಡಿದ್ದೇನೆ. ಇದಕ್ಕಾಗಿ ಯಾರಿಂದಲೂ ಪಾಠ ಕಲಿಯುವ ಅಗತ್ಯವಿಲ್ಲ. ಪಕ್ಷದ ಹೈಕಮಾಂಡ್‌ಗೆ ನನ್ನ ಬಗ್ಗೆ ಗೊತ್ತಿದೆ. ನಾನು ಪಕ್ಷದ ನಿಷ್ಠಾವಂತ ಕಾರ್ಯಕರ್ತ ಎಂದು ಡಿ.ಕೆ. ಶಿವಕುಮಾರ್ ಹೇಳಿದರು.
ನನ್ನ ಕ್ರೈಸ್ತಶಿಕ್ಷಣ ಕುರಿತು ಮಾತಾಡಿ!
ನಾನು ಕ್ರೈಸ್ತ ಶಾಲೆಯಲ್ಲಿ ಓದಿದ್ದೇನೆ. ಎಲ್ಲ ಧರ್ಮಗಳ ಬಗ್ಗೆ ಗೌರವ ಇದೆ. ರಾಜಕೀಯಕ್ಕಾಗಿ ನನ್ನ ಹಿನ್ನೆಲೆ ಪ್ರಶ್ನಿಸುವುದು ಸರಿಯಲ್ಲ ಎಂದರು.
ನಾನು ಅನುಭವಿಸಿದ ಹಿಂಸೆ ನನಗೇ ಗೊತ್ತು
ಅನೇಕ ಸಂದರ್ಭಗಳಲ್ಲಿ ರಾಜಕೀಯ ಕಾರಣಗಳಿಗಾಗಿ ಕಿರುಕುಳ ಅನುಭವಿಸಿದ್ದೇನೆ. ನಾನು ಜೈಲಿಗೆ ಹೋಗಿದ್ದೇನೆ, ಐಟಿ ದಾಳಿ ಎದುರಿಸಿದ್ದೇನೆ. ನಾನು ಅನುಭವಿಸಿದ ಹಿಂಸೆ ನನಗೆ ಮಾತ್ರ ಗೊತ್ತು. ಆದರೂ ನಾನು ಪಕ್ಷ ಬಿಟ್ಟು ಹೋಗಿಲ್ಲ. ಕಾಂಗ್ರೆಸ್ ಜತೆ ನಿಂತಿದ್ದೇನೆ ಎಂದರು.
ಹಿಂದೂ ಧರ್ಮದ ಮತ್ತು ಹಿಂದೂ ಸಮಾಜದ ಪರವಾಗಿ ಯಾರೇ ಮಾತನಾಡಿದರೂ ಕಾಂಗ್ರೆಸ್ ಹೈಕಮಾಂಡ್ ಅವರ ಮೇಲೆ ಕ್ರಮ ಕೈಗೊಳ್ಳುತ್ತದೆ. ಡಿ.ಕೆ. ಶಿವಕುಮಾರ್ ಅವರ ಪರಿಸ್ಥಿತಿಯೂ ಅದೇ ಆಗಲಿದೆ.
ಆರ್. ಅಶೋಕ, ವಿಪಕ್ಷ ನಾಯಕ
ಕಡಲ ರಕ್ಷಣೆಯನ್ನು ಮೀರಿದ ಪಾತ್ರ
ಪುಟ ೧ರಿಂದ ಆಪರೇಷನ್ ಸಿಂಧೂರ್ ಸಂದರ್ಭದಲ್ಲಿ ಭಾರತೀಯ ನೌಕಾಪಡೆಯ ಕಾರ್ಯಾಚರಣೆ ಅತ್ಯಂತ ಮಹತ್ವದ್ದಾಗಿತ್ತು. ಕರಾಚಿ ಬಂದರಿನ ಮೇಲೆ ದಾಳಿಗೆ ನೌಕಾಪಡೆ ಸಜ್ಜಾಗಿತ್ತು. ಶತ್ರು ರಾಷ್ಟ್ರಕ್ಕೆ ತಕ್ಕ ಪಾಠ ಕಲಿಸಲು ನಮ್ಮ ನೌಕಾಪಡೆ ಸಿದ್ಧವಾಗಿತ್ತು ಎಂದು ರಕ್ಷಣಾ ಸಚಿವ ರಾಜನಾಥ್ ಸಿಂಗ್ ಹೇಳಿದರು.
ನೌಕಾಬಲ ಹೆಚ್ಚಿಸಿದ ಯುದ್ಧನೌಕೆಗಳು
ಹೊಸ ಸ್ಟೆಲ್ತ್ ಯುದ್ಧ ನೌಕೆಗಳು ಅತ್ಯಾಧುನಿಕ ಶಸ್ತ್ರಾಸ್ತ್ರಗಳನ್ನು ಹೊಂದಿದ್ದು, ಸಮುದ್ರದಲ್ಲಿ ಭಾರತದ ಸಾಮರ್ಥ್ಯವನ್ನು ಹೆಚ್ಚಿಸಲಿವೆ. ಇಂಡೋ-ಪೆಸಿಫಿಕ್ ವಲಯದಲ್ಲಿ ಭಾರತದ ಪ್ರಾಬಲ್ಯ ಹೆಚ್ಚಾಗಲಿದೆ.
ಮುಖ್ಯಾಂಶಗಳು
» ಆರ್ಥಿಕತೆಗೆ ಪ್ರಮುಖವಾದ ಕಡಲ ಮಾರ್ಗಗಳಿಗೆ ನೌಕಾಪಡೆಯ ಭದ್ರತೆ
» ಭಾರತ ಮೊದಲು ದಾಳಿ ಮಾಡುವುದಿಲ್ಲ, ಪ್ರತ್ಯುತ್ತರ ನೀಡುತ್ತದೆ
» ನೌಕಾದಳಕ್ಕೆ ಮತ್ತೆರಡು ಯುದ್ಧ ನೌಕೆ ಸೇರ್ಪಡೆ
